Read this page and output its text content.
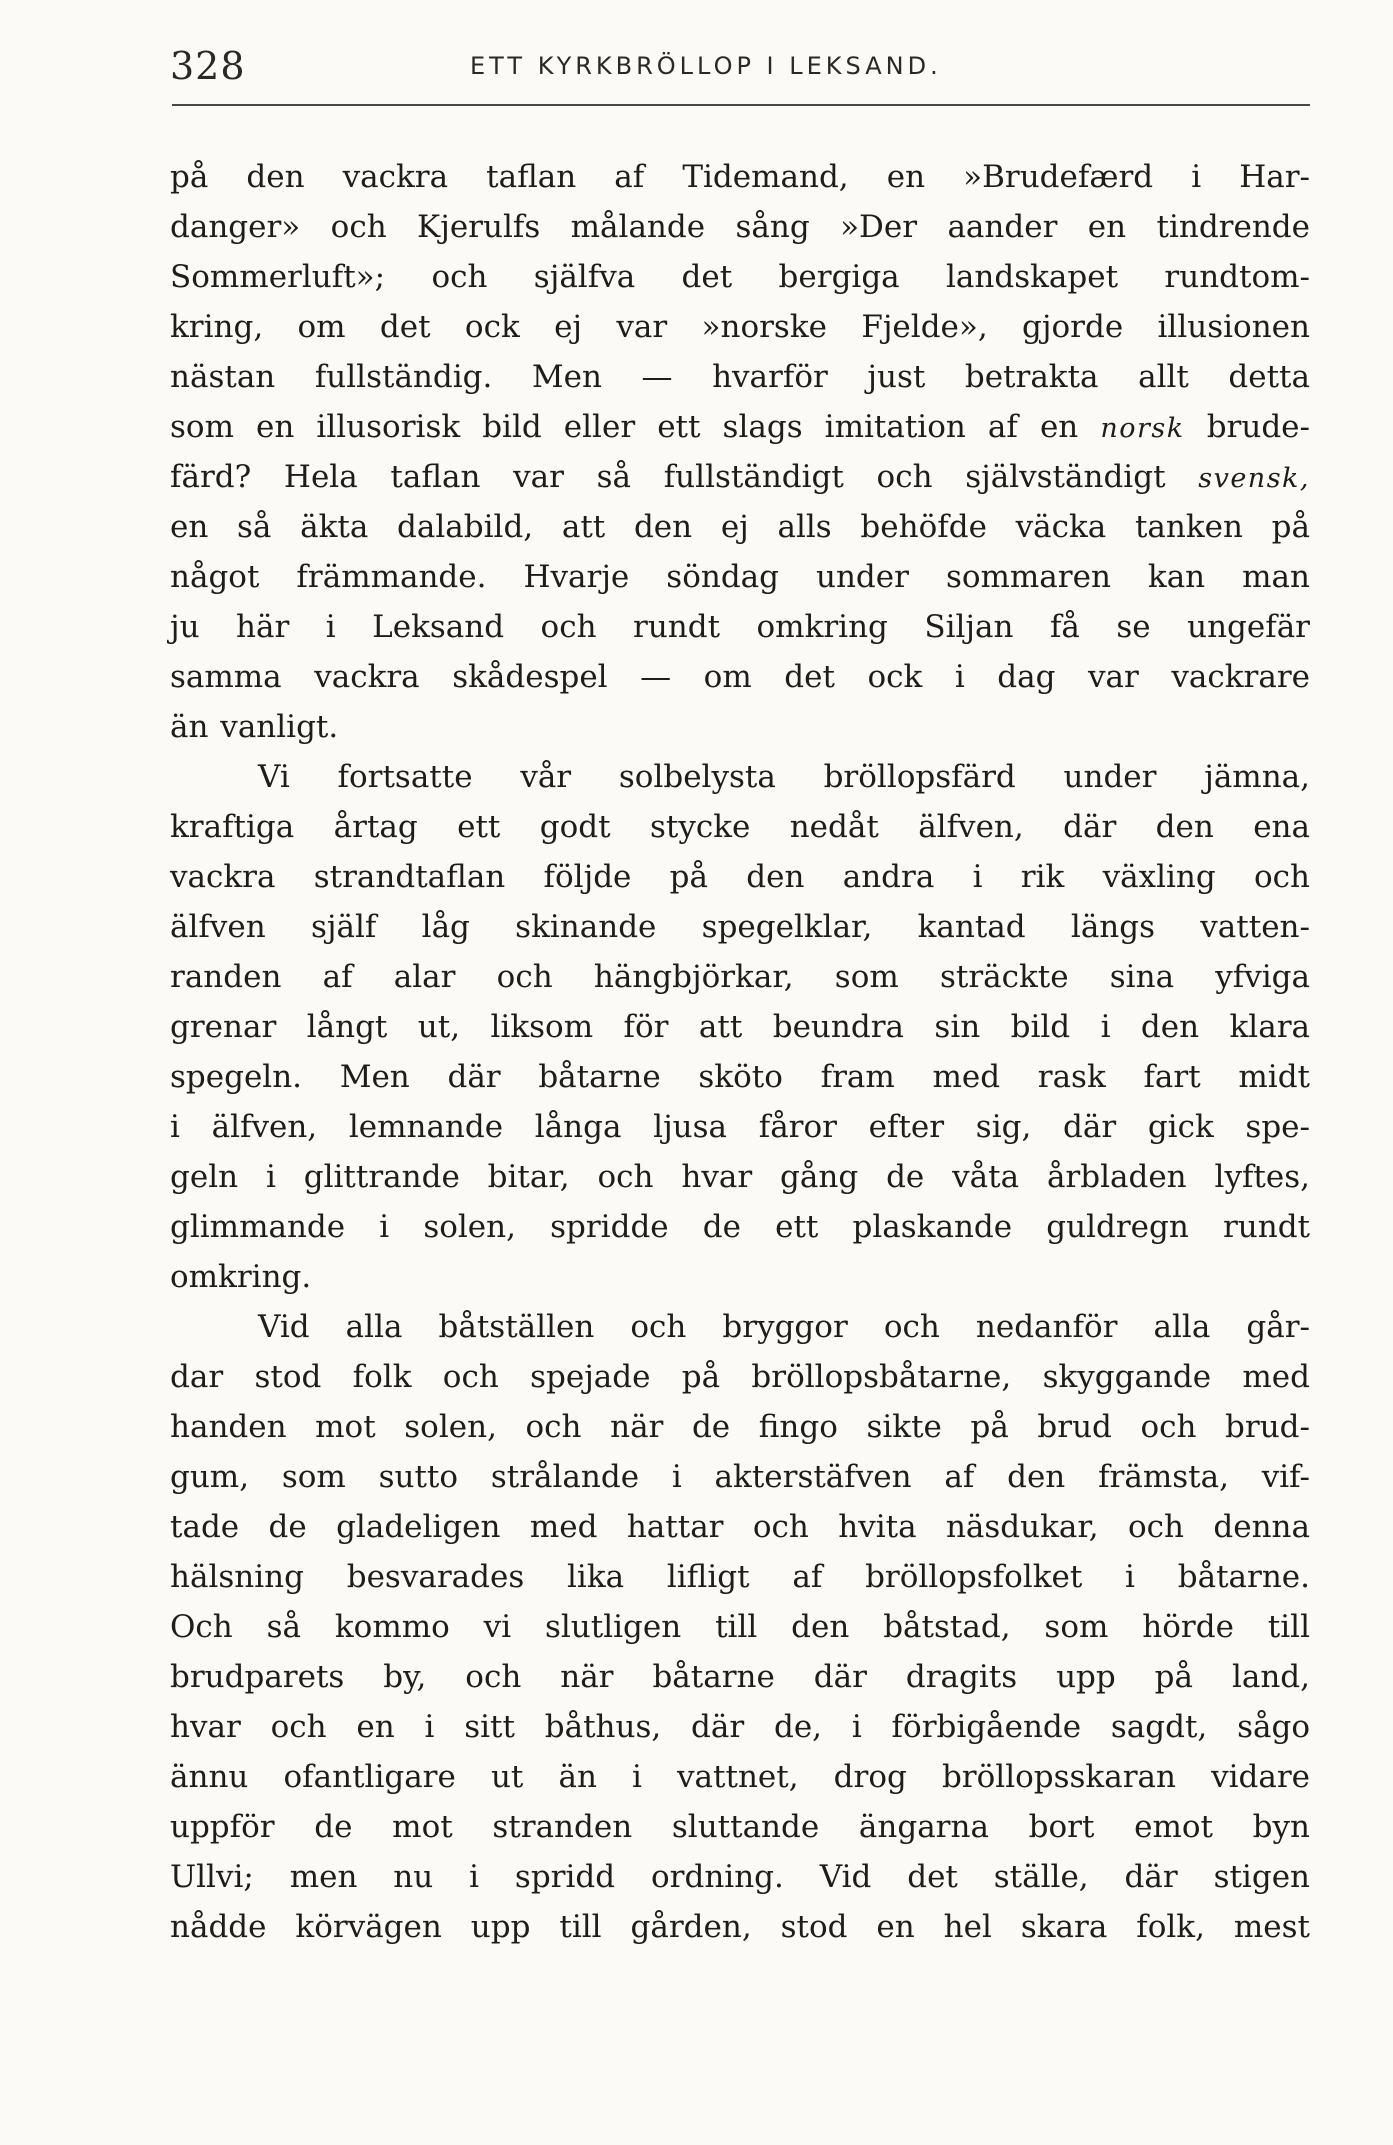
328	ETT KYRKBRÖLLOP I LEKSAND.
på den vackra taflan af Tidemand, en »Brudefærd i Har-
danger» och Kjerulfs målande sång »Der aander en tindrende
Sommerluft»; och själfva det bergiga landskapet rundtom-
kring, om det ock ej var »norske Fjelde», gjorde illusionen
nästan fullständig. Men — hvarför just betrakta allt detta
som en illusorisk bild eller ett slags imitation af en norsk brude-
färd? Hela taflan var så fullständigt och självständigt svensk,
en så äkta dalabild, att den ej alls behöfde väcka tanken på
något främmande. Hvarje söndag under sommaren kan man
ju här i Leksand och rundt omkring Siljan få se ungefär
samma vackra skådespel — om det ock i dag var vackrare
än vanligt.
Vi fortsatte vår solbelysta bröllopsfärd under jämna,
kraftiga årtag ett godt stycke nedåt älfven, där den ena
vackra strandtaflan följde på den andra i rik växling och
älfven själf låg skinande spegelklar, kantad längs vatten-
randen af alar och hängbjörkar, som sträckte sina yfviga
grenar långt ut, liksom för att beundra sin bild i den klara
spegeln. Men där båtarne sköto fram med rask fart midt
i älfven, lemnande långa ljusa fåror efter sig, där gick spe-
geln i glittrande bitar, och hvar gång de våta årbladen lyftes,
glimmande i solen, spridde de ett plaskande guldregn rundt
omkring.
Vid alla båtställen och bryggor och nedanför alla går-
dar stod folk och spejade på bröllopsbåtarne, skyggande med
handen mot solen, och när de fingo sikte på brud och brud-
gum, som sutto strålande i akterstäfven af den främsta, vif-
tade de gladeligen med hattar och hvita näsdukar, och denna
hälsning besvarades lika lifligt af bröllopsfolket i båtarne.
Och så kommo vi slutligen till den båtstad, som hörde till
brudparets by, och när båtarne där dragits upp på land,
hvar och en i sitt båthus, där de, i förbigående sagdt, sågo
ännu ofantligare ut än i vattnet, drog bröllopsskaran vidare
uppför de mot stranden sluttande ängarna bort emot byn
Ullvi; men nu i spridd ordning. Vid det ställe, där stigen
nådde körvägen upp till gården, stod en hel skara folk, mest
